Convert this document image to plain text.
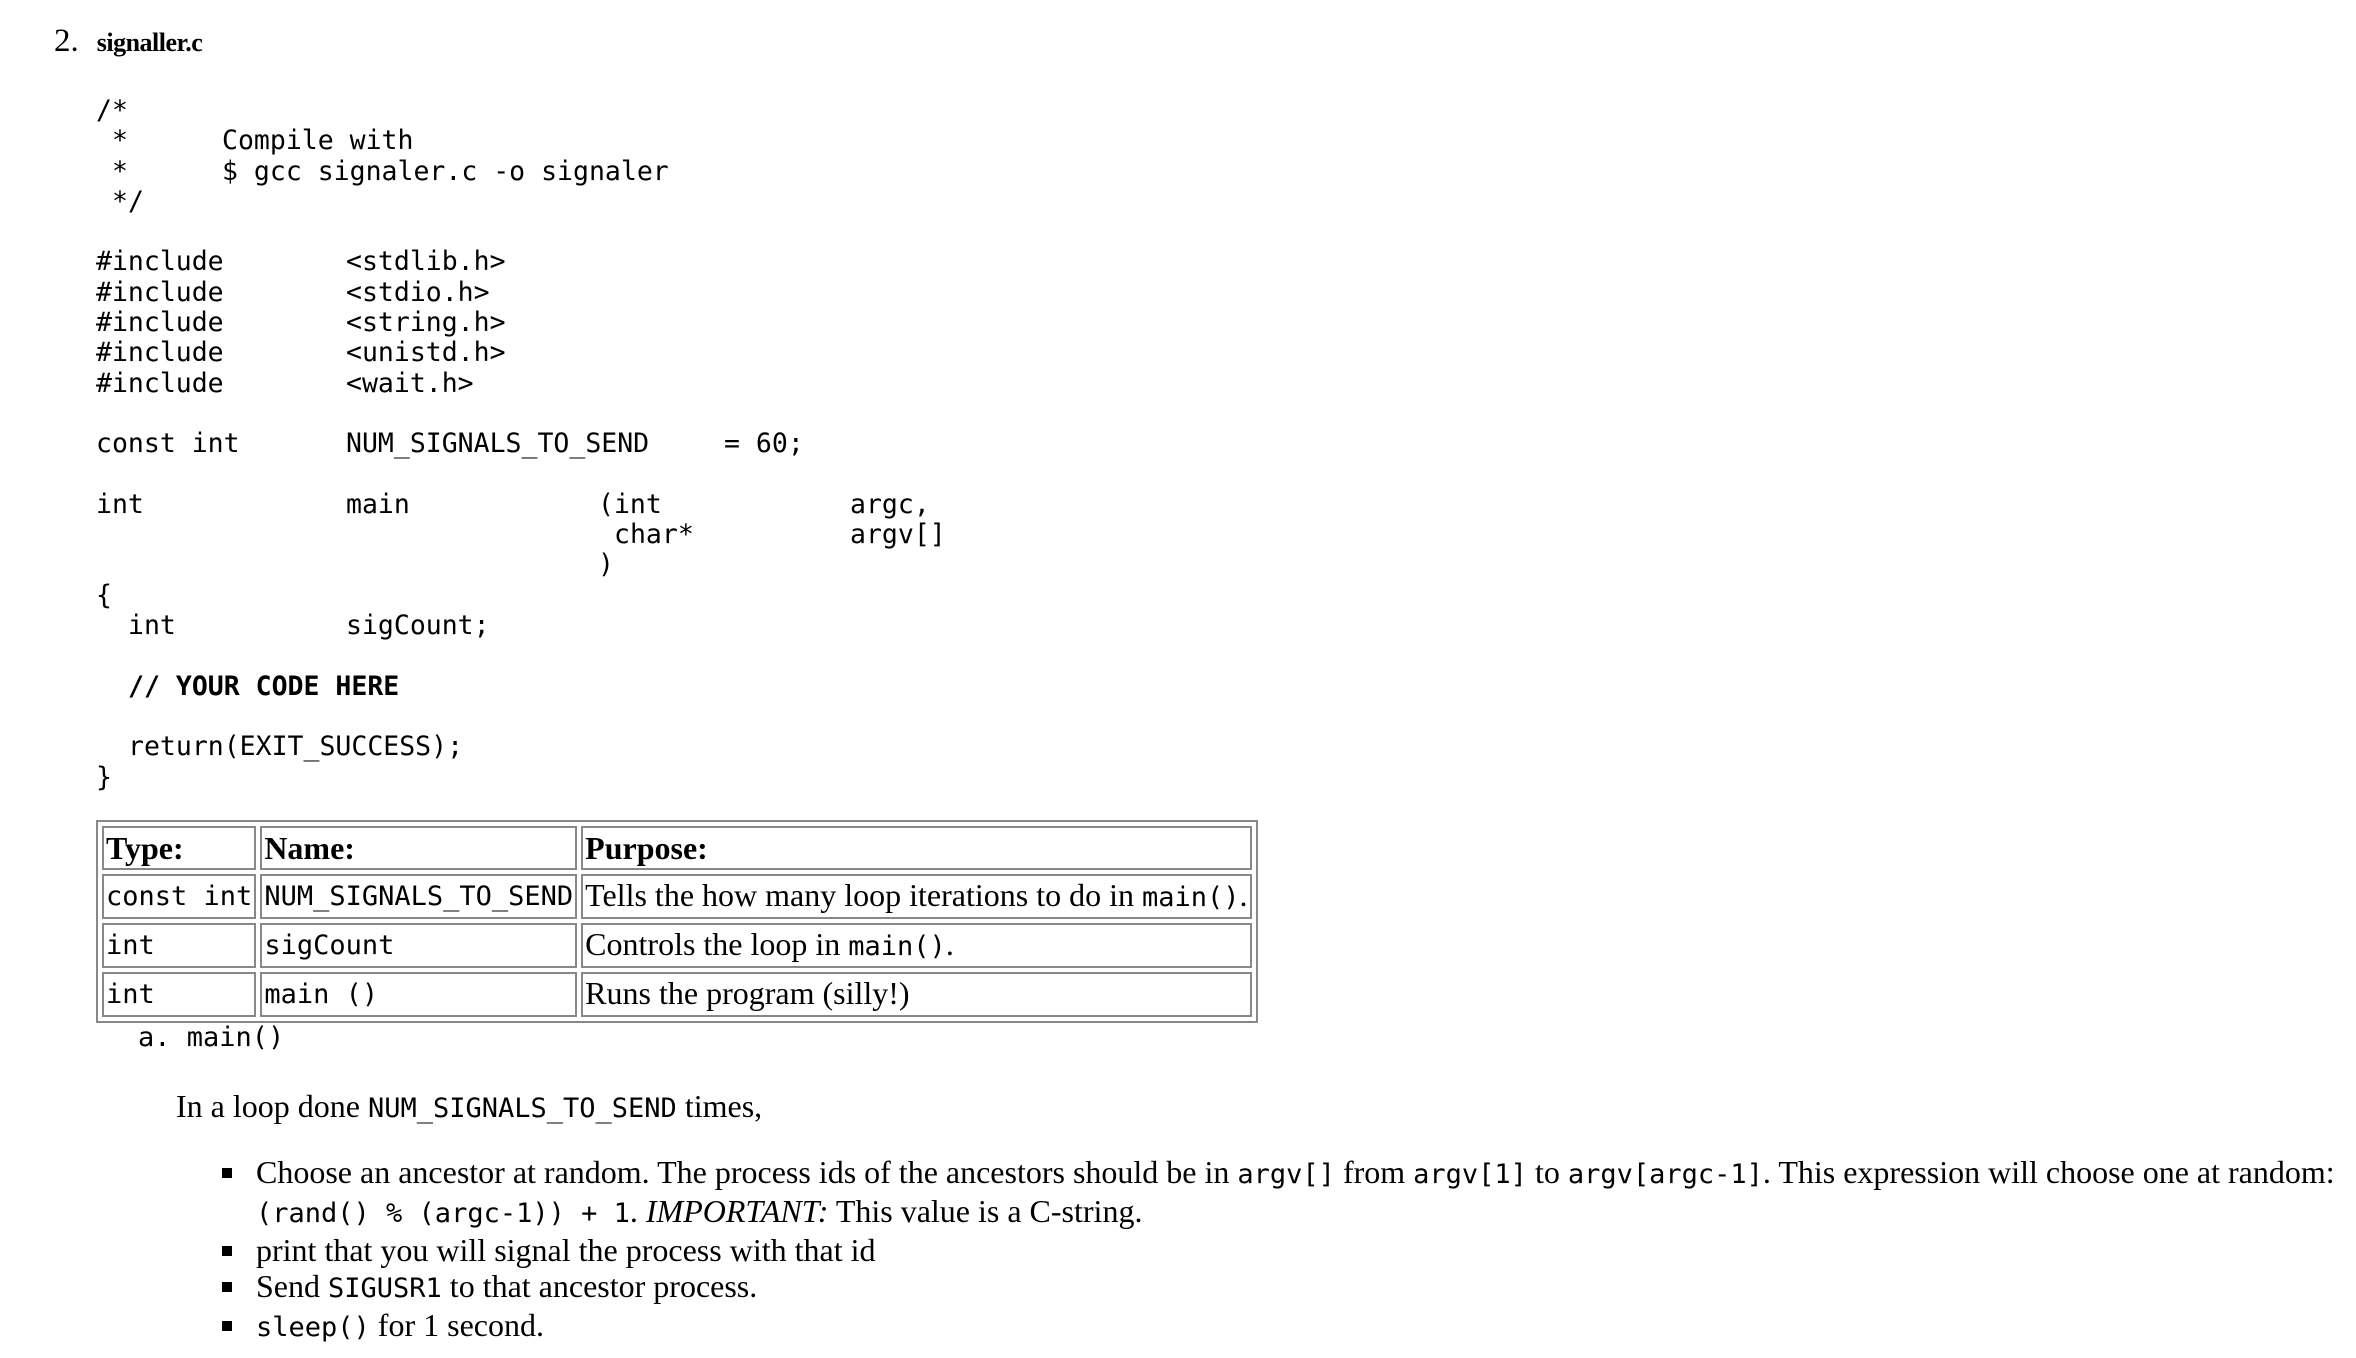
2. signaller.c
/*

*

	Compile with

*

	$ gcc signaler.c -o signaler

*/

#include

	<stdlib.h>

#include

	<stdio.h>

#include

	<string.h>

#include

	<unistd.h>

#include

	<wait.h>

const int

	NUM_SIGNALS_TO_SEND

	= 60;

int

	main

	(int

	argc,

char*

	argv[]

)
{

int

	sigCount;

// YOUR CODE HERE
return(EXIT_SUCCESS);
}
Type:	Name:	Purpose:
const int	NUM_SIGNALS_TO_SEND	Tells the how many loop iterations to do in main().
int	sigCount	Controls the loop in main().
int	main ()	Runs the program (silly!)
a. main()
In a loop done NUM_SIGNALS_TO_SEND times,
Choose an ancestor at random. The process ids of the ancestors should be in argv[] from argv[1] to argv[argc-1]. This expression will choose one at random: (rand() % (argc-1)) + 1. IMPORTANT: This value is a C-string.
print that you will signal the process with that id
Send SIGUSR1 to that ancestor process.
sleep() for 1 second.
